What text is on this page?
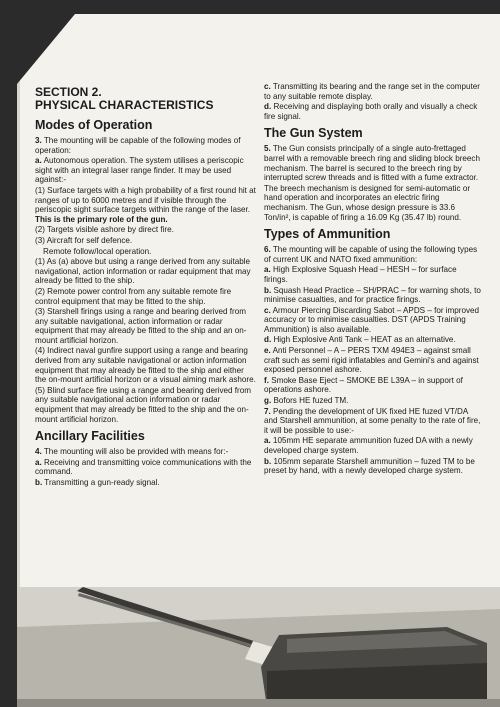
SECTION 2.
PHYSICAL CHARACTERISTICS
Modes of Operation

3. The mounting will be capable of the following modes of operation:

a. Autonomous operation. The system utilises a periscopic sight with an integral laser range finder. It may be used against:-

(1) Surface targets with a high probability of a first round hit at ranges of up to 6000 metres and if visible through the periscopic sight surface targets within the range of the laser. This is the primary role of the gun.

(2) Targets visible ashore by direct fire.

(3) Aircraft for self defence.

Remote follow/local operation.

(1) As (a) above but using a range derived from any suitable navigational, action information or radar equipment that may already be fitted to the ship.

(2) Remote power control from any suitable remote fire control equipment that may be fitted to the ship.

(3) Starshell firings using a range and bearing derived from any suitable navigational, action information or radar equipment that may already be fitted to the ship and an on-mount artificial horizon.

(4) Indirect naval gunfire support using a range and bearing derived from any suitable navigational or action information equipment that may already be fitted to the ship and either the on-mount artificial horizon or a visual aiming mark ashore.

(5) Blind surface fire using a range and bearing derived from any suitable navigational action information or radar equipment that may already be fitted to the ship and the on-mount artificial horizon.

Ancillary Facilities

4. The mounting will also be provided with means for:-

a. Receiving and transmitting voice communications with the command.

b. Transmitting a gun-ready signal.

c. Transmitting its bearing and the range set in the computer to any suitable remote display.

d. Receiving and displaying both orally and visually a check fire signal.

The Gun System

5. The Gun consists principally of a single auto-frettaged barrel with a removable breech ring and sliding block breech mechanism. The barrel is secured to the breech ring by interrupted screw threads and is fitted with a fume extractor.

The breech mechanism is designed for semi-automatic or hand operation and incorporates an electric firing mechanism. The Gun, whose design pressure is 33.6 Ton/in², is capable of firing a 16.09 Kg (35.47 lb) round.

Types of Ammunition

6. The mounting will be capable of using the following types of current UK and NATO fixed ammunition:

a. High Explosive Squash Head – HESH – for surface firings.

b. Squash Head Practice – SH/PRAC – for warning shots, to minimise casualties, and for practice firings.

c. Armour Piercing Discarding Sabot – APDS – for improved accuracy or to minimise casualties. DST (APDS Training Ammunition) is also available.

d. High Explosive Anti Tank – HEAT as an alternative.

e. Anti Personnel – A – PERS TXM 494E3 – against small craft such as semi rigid inflatables and Gemini's and against exposed personnel ashore.

f. Smoke Base Eject – SMOKE BE L39A – in support of operations ashore.

g. Bofors HE fuzed TM.

7. Pending the development of UK fixed HE fuzed VT/DA and Starshell ammunition, at some penalty to the rate of fire, it will be possible to use:-

a. 105mm HE separate ammunition fuzed DA with a newly developed charge system.

b. 105mm separate Starshell ammunition – fuzed TM to be preset by hand, with a newly developed charge system.
